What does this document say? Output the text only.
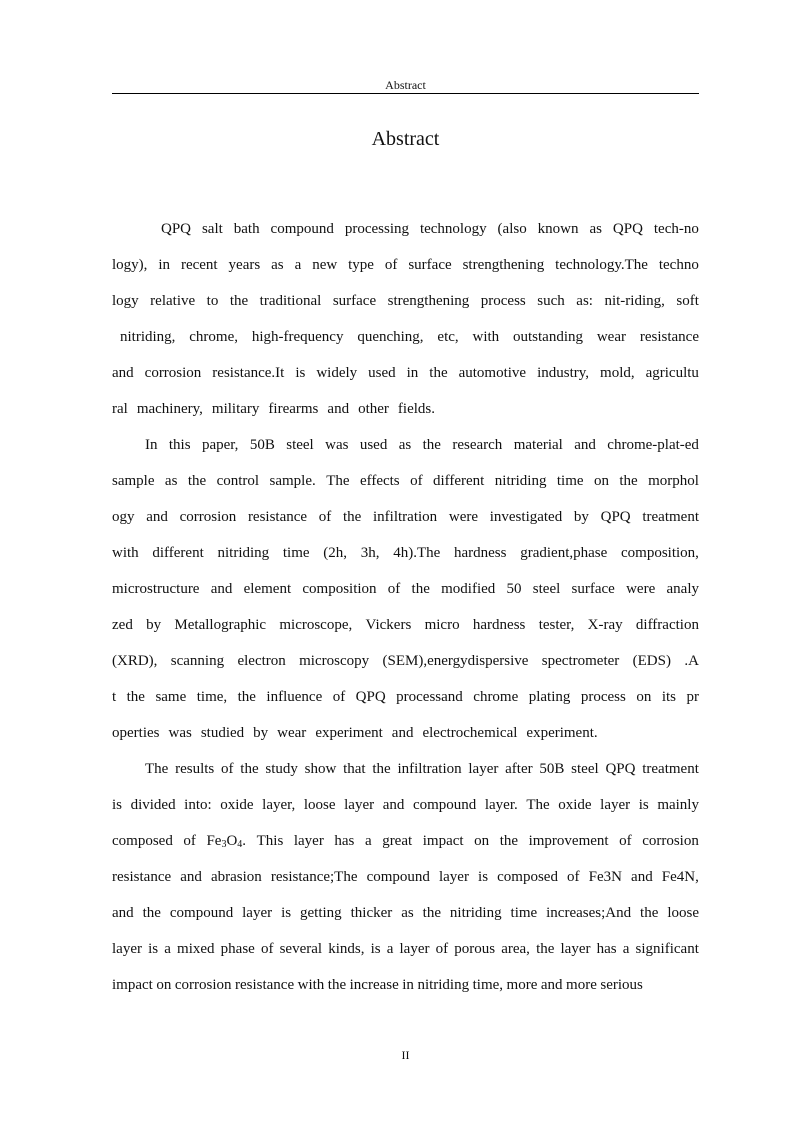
Abstract
Abstract
QPQ salt bath compound processing technology (also known as QPQ tech-no
logy), in recent years as a new type of surface strengthening technology.The techno
logy relative to the traditional surface strengthening process such as: nit-riding, soft
nitriding, chrome, high-frequency quenching, etc, with outstanding wear resistance
and corrosion resistance.It is widely used in the automotive industry, mold, agricultu
ral machinery, military firearms and other fields.
In this paper, 50B steel was used as the research material and chrome-plat-ed
sample as the control sample. The effects of different nitriding time on the morphol
ogy and corrosion resistance of the infiltration were investigated by QPQ treatment
with different nitriding time (2h, 3h, 4h).The hardness gradient,phase composition,
microstructure and element composition of the modified 50 steel surface were analy
zed by Metallographic microscope, Vickers micro hardness tester, X-ray diffraction
(XRD), scanning electron microscopy (SEM),energydispersive spectrometer (EDS) .A
t the same time, the influence of QPQ processand chrome plating process on its pr
operties was studied by wear experiment and electrochemical experiment.
The results of the study show that the infiltration layer after 50B steel QPQ treatment
is divided into: oxide layer, loose layer and compound layer. The oxide layer is mainly
composed of $Fe_3O_4$. This layer has a great impact on the improvement of corrosion
resistance and abrasion resistance;The compound layer is composed of Fe3N and Fe4N,
and the compound layer is getting thicker as the nitriding time increases;And the loose
layer is a mixed phase of several kinds, is a layer of porous area, the layer has a significant
impact on corrosion resistance with the increase in nitriding time, more and more serious
II
